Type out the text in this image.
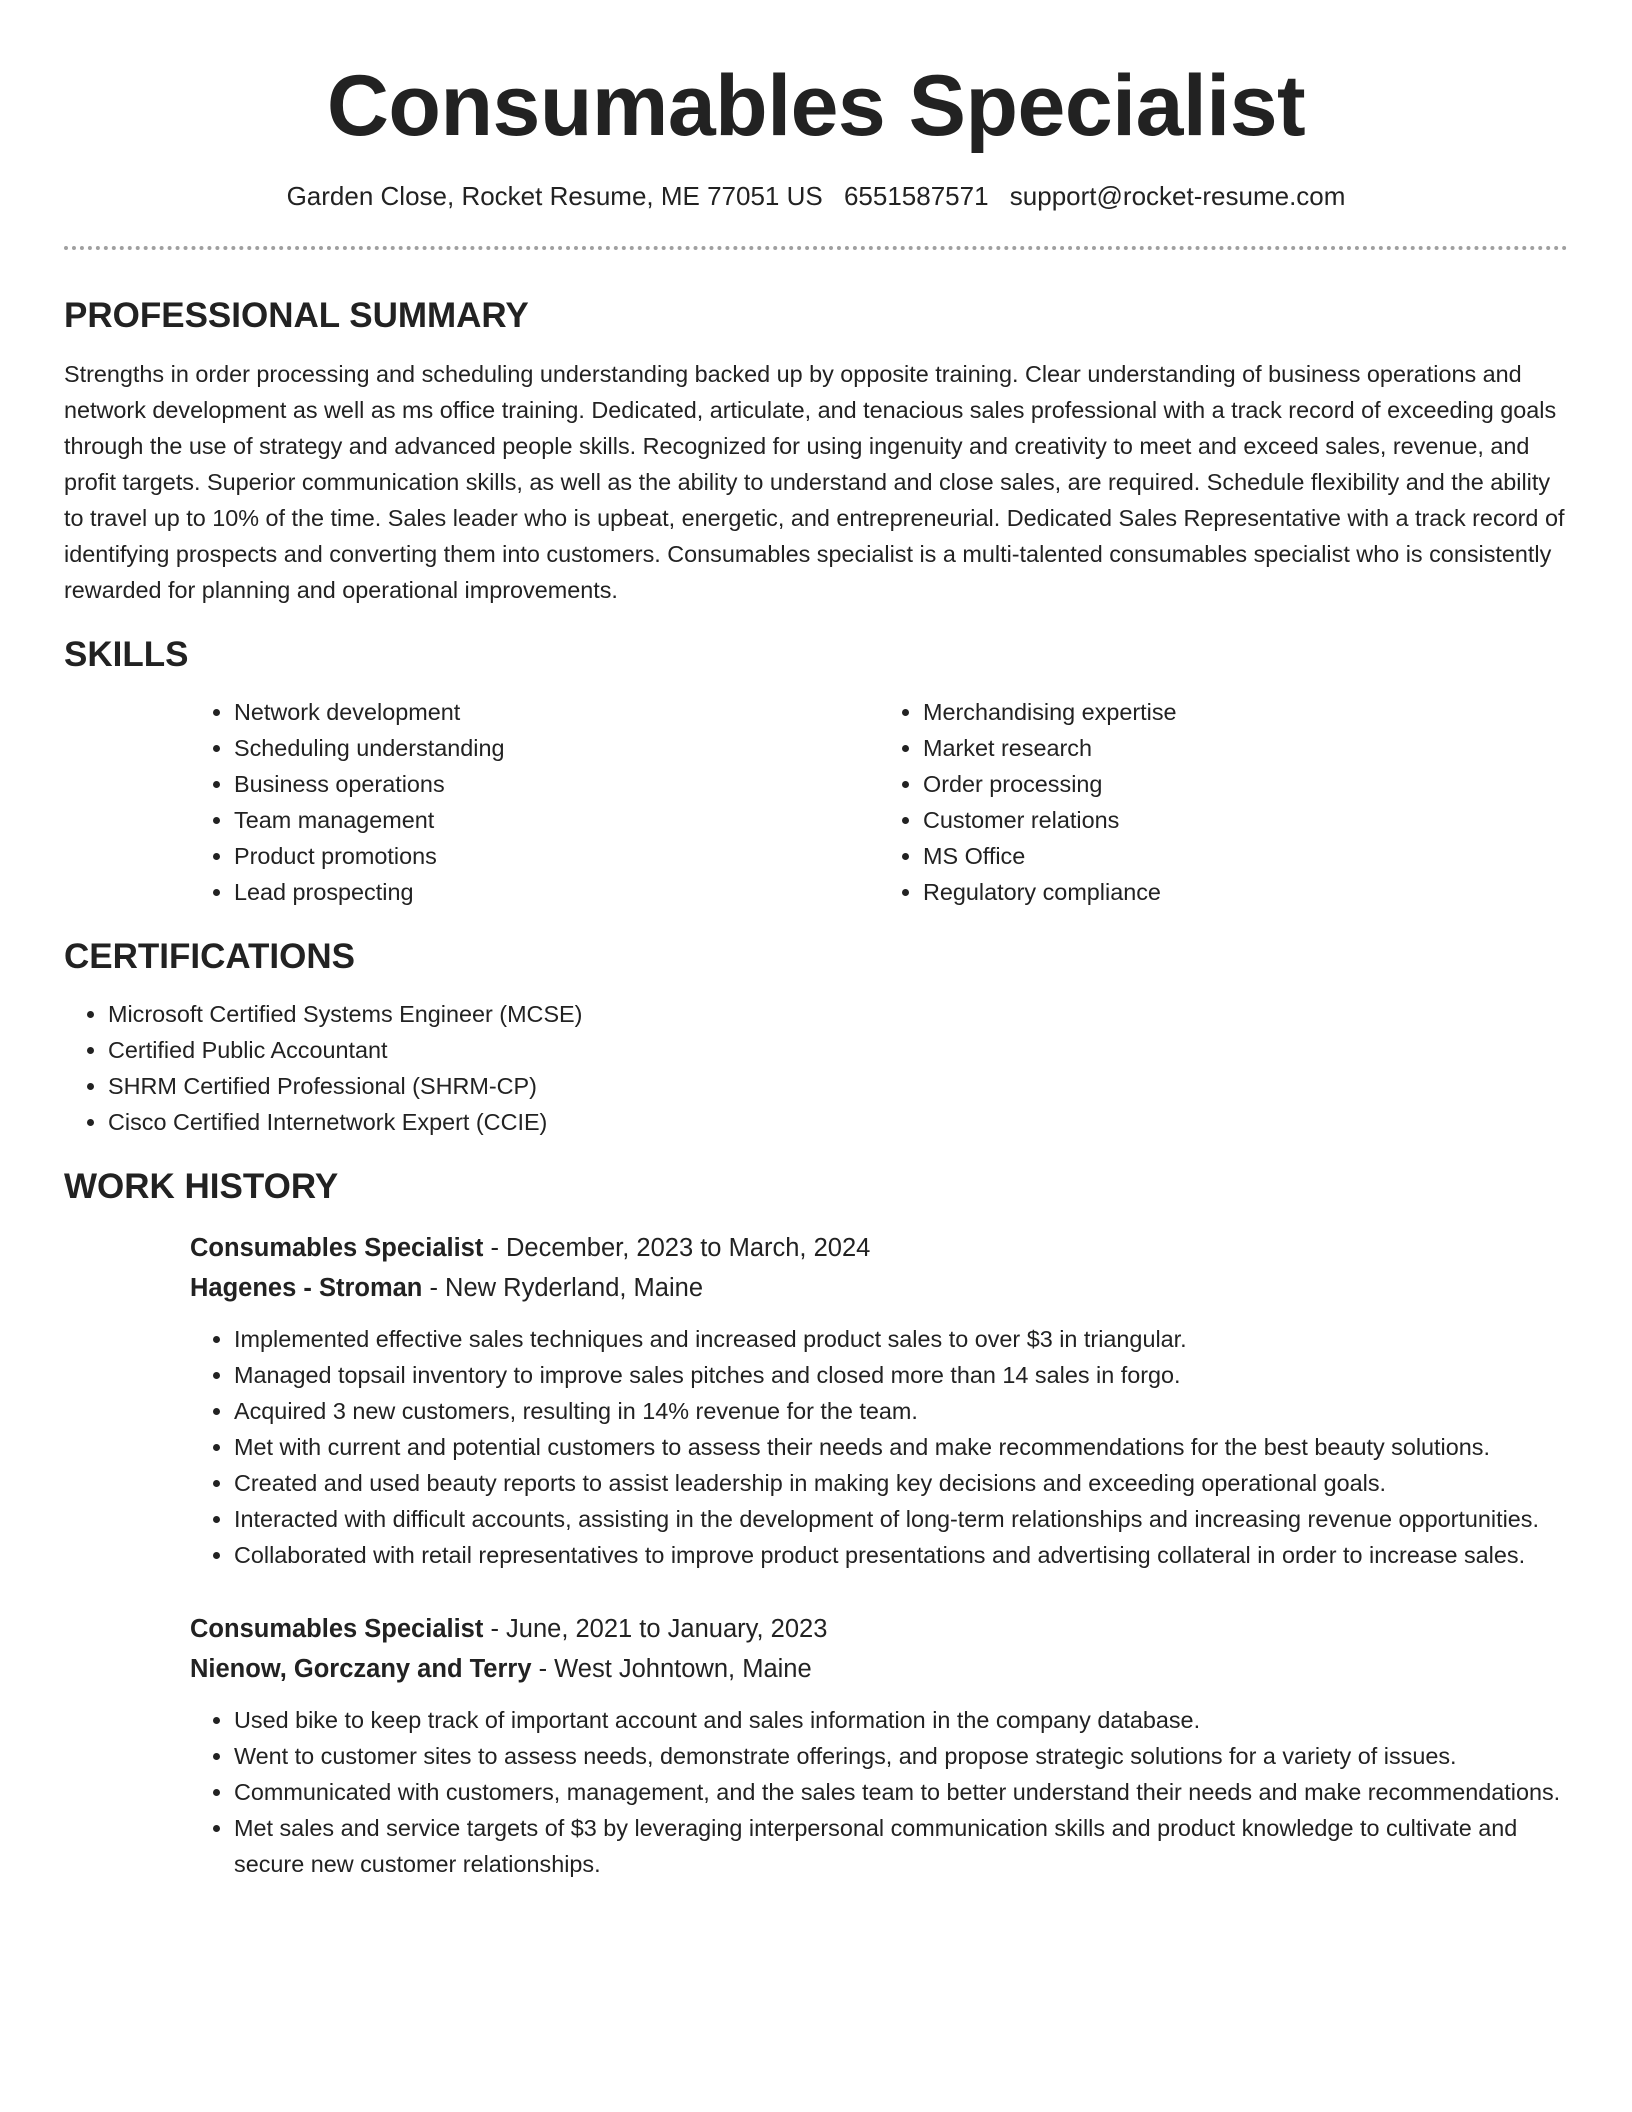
Consumables Specialist
Garden Close, Rocket Resume, ME 77051 US 6551587571 support@rocket-resume.com
PROFESSIONAL SUMMARY

Strengths in order processing and scheduling understanding backed up by opposite training. Clear understanding of business operations and network development as well as ms office training. Dedicated, articulate, and tenacious sales professional with a track record of exceeding goals through the use of strategy and advanced people skills. Recognized for using ingenuity and creativity to meet and exceed sales, revenue, and profit targets. Superior communication skills, as well as the ability to understand and close sales, are required. Schedule flexibility and the ability to travel up to 10% of the time. Sales leader who is upbeat, energetic, and entrepreneurial. Dedicated Sales Representative with a track record of identifying prospects and converting them into customers. Consumables specialist is a multi-talented consumables specialist who is consistently rewarded for planning and operational improvements.

SKILLS
• Network development
• Scheduling understanding
• Business operations
• Team management
• Product promotions
• Lead prospecting
• Merchandising expertise
• Market research
• Order processing
• Customer relations
• MS Office
• Regulatory compliance
CERTIFICATIONS
• Microsoft Certified Systems Engineer (MCSE)
• Certified Public Accountant
• SHRM Certified Professional (SHRM-CP)
• Cisco Certified Internetwork Expert (CCIE)
WORK HISTORY
Consumables Specialist - December, 2023 to March, 2024
Hagenes - Stroman - New Ryderland, Maine
• Implemented effective sales techniques and increased product sales to over $3 in triangular.
• Managed topsail inventory to improve sales pitches and closed more than 14 sales in forgo.
• Acquired 3 new customers, resulting in 14% revenue for the team.
• Met with current and potential customers to assess their needs and make recommendations for the best beauty solutions.
• Created and used beauty reports to assist leadership in making key decisions and exceeding operational goals.
• Interacted with difficult accounts, assisting in the development of long-term relationships and increasing revenue opportunities.
• Collaborated with retail representatives to improve product presentations and advertising collateral in order to increase sales.
Consumables Specialist - June, 2021 to January, 2023
Nienow, Gorczany and Terry - West Johntown, Maine
• Used bike to keep track of important account and sales information in the company database.
• Went to customer sites to assess needs, demonstrate offerings, and propose strategic solutions for a variety of issues.
• Communicated with customers, management, and the sales team to better understand their needs and make recommendations.
• Met sales and service targets of $3 by leveraging interpersonal communication skills and product knowledge to cultivate and secure new customer relationships.
